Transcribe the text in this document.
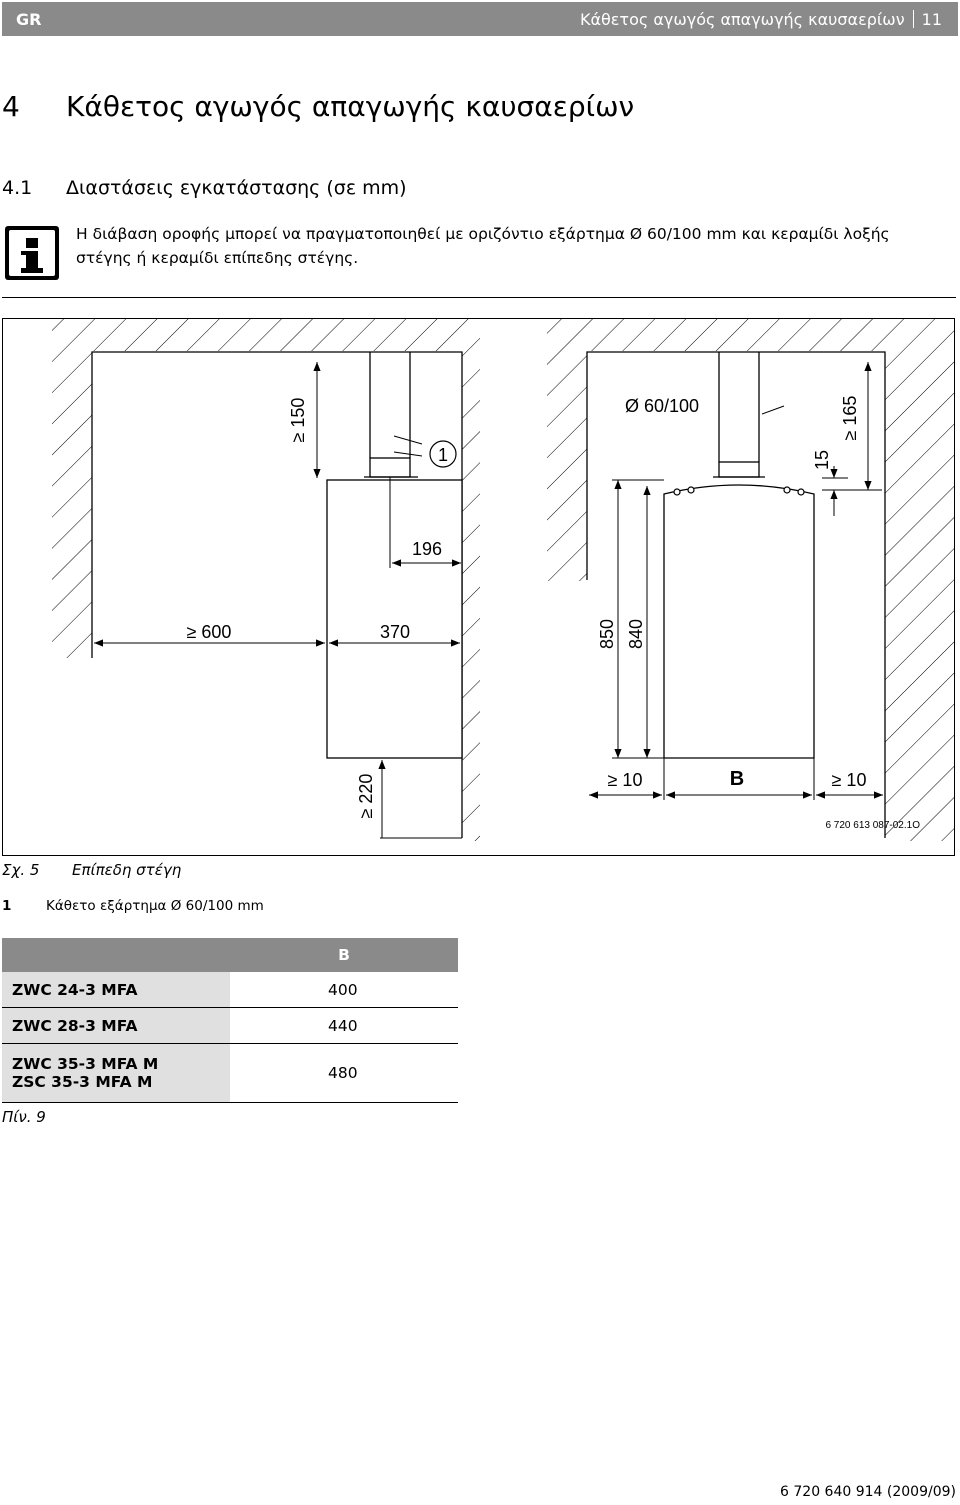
GR	Κάθετος αγωγός απαγωγής καυσαερίων 11
4 Κάθετος αγωγός απαγωγής καυσαερίων
4.1 Διαστάσεις εγκατάστασης (σε mm)

Η διάβαση οροφής μπορεί να πραγματοποιηθεί με οριζόντιο εξάρτημα Ø 60/100 mm και κεραμίδι λοξής στέγης ή κεραμίδι επίπεδης στέγης.

≥ 150
1
196
≥ 600	370
≥ 220
Ø 60/100	≥ 165
15
850 840
≥ 10	B	≥ 10
6 720 613 087-02.1O
Σχ. 5 Επίπεδη στέγη
1	Κάθετο εξάρτημα Ø 60/100 mm
	B
ZWC 24-3 MFA	400
ZWC 28-3 MFA	440

ZWC 35-3 MFA M
ZSC 35-3 MFA M	480
Πίν. 9
6 720 640 914 (2009/09)
